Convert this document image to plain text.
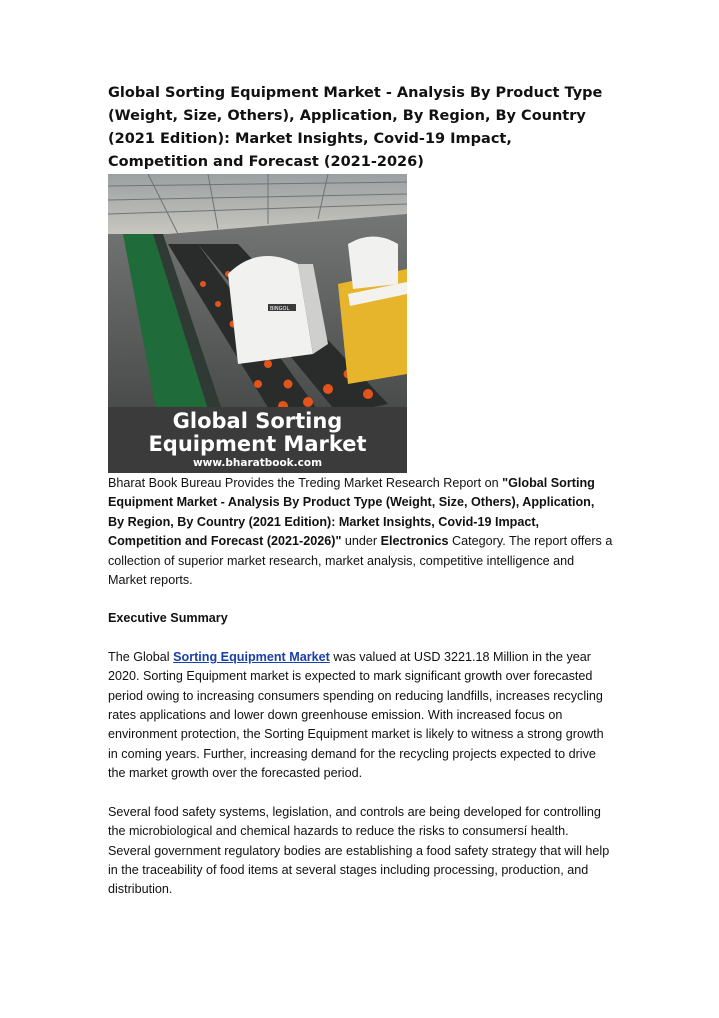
Global Sorting Equipment Market - Analysis By Product Type (Weight, Size, Others), Application, By Region, By Country (2021 Edition): Market Insights, Covid-19 Impact, Competition and Forecast (2021-2026)
BINGOL
Global Sorting
Equipment Market
www.bharatbook.com

Bharat Book Bureau Provides the Treding Market Research Report on "Global Sorting Equipment Market - Analysis By Product Type (Weight, Size, Others), Application, By Region, By Country (2021 Edition): Market Insights, Covid-19 Impact, Competition and Forecast (2021-2026)" under Electronics Category. The report offers a collection of superior market research, market analysis, competitive intelligence and Market reports.

Executive Summary

The Global Sorting Equipment Market was valued at USD 3221.18 Million in the year 2020. Sorting Equipment market is expected to mark significant growth over forecasted period owing to increasing consumers spending on reducing landfills, increases recycling rates applications and lower down greenhouse emission. With increased focus on environment protection, the Sorting Equipment market is likely to witness a strong growth in coming years. Further, increasing demand for the recycling projects expected to drive the market growth over the forecasted period.

Several food safety systems, legislation, and controls are being developed for controlling the microbiological and chemical hazards to reduce the risks to consumersí health. Several government regulatory bodies are establishing a food safety strategy that will help in the traceability of food items at several stages including processing, production, and distribution.
